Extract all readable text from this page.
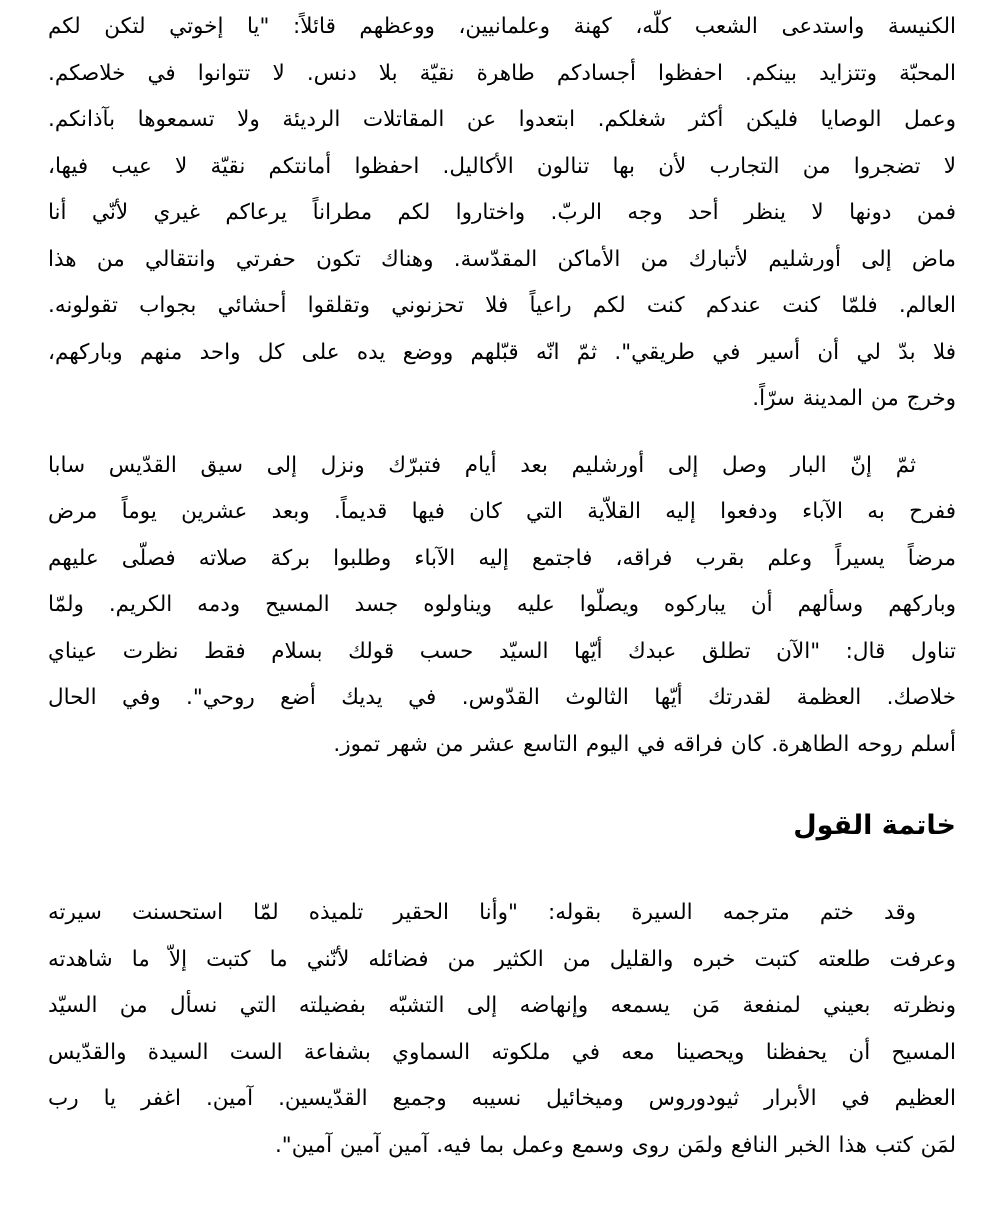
الكنيسة واستدعى الشعب كلّه، كهنة وعلمانيين، ووعظهم قائلاً: "يا إخوتي لتكن لكم
المحبّة وتتزايد بينكم. احفظوا أجسادكم طاهرة نقيّة بلا دنس. لا تتوانوا في خلاصكم.
وعمل الوصايا فليكن أكثر شغلكم. ابتعدوا عن المقاتلات الرديئة ولا تسمعوها بآذانكم.
لا تضجروا من التجارب لأن بها تنالون الأكاليل. احفظوا أمانتكم نقيّة لا عيب فيها،
فمن دونها لا ينظر أحد وجه الربّ. واختاروا لكم مطراناً يرعاكم غيري لأنّي أنا
ماض إلى أورشليم لأتبارك من الأماكن المقدّسة. وهناك تكون حفرتي وانتقالي من هذا
العالم. فلمّا كنت عندكم كنت لكم راعياً فلا تحزنوني وتقلقوا أحشائي بجواب تقولونه.
فلا بدّ لي أن أسير في طريقي". ثمّ انّه قبّلهم ووضع يده على كل واحد منهم وباركهم،
وخرج من المدينة سرّاً.

ثمّ إنّ البار وصل إلى أورشليم بعد أيام فتبرّك ونزل إلى سيق القدّيس سابا
ففرح به الآباء ودفعوا إليه القلاّية التي كان فيها قديماً. وبعد عشرين يوماً مرض
مرضاً يسيراً وعلم بقرب فراقه، فاجتمع إليه الآباء وطلبوا بركة صلاته فصلّى عليهم
وباركهم وسألهم أن يباركوه ويصلّوا عليه ويناولوه جسد المسيح ودمه الكريم. ولمّا
تناول قال: "الآن تطلق عبدك أيّها السيّد حسب قولك بسلام فقط نظرت عيناي
خلاصك. العظمة لقدرتك أيّها الثالوث القدّوس. في يديك أضع روحي". وفي الحال
أسلم روحه الطاهرة. كان فراقه في اليوم التاسع عشر من شهر تموز.

خاتمة القول

وقد ختم مترجمه السيرة بقوله: "وأنا الحقير تلميذه لمّا استحسنت سيرته
وعرفت طلعته كتبت خبره والقليل من الكثير من فضائله لأنّني ما كتبت إلاّ ما شاهدته
ونظرته بعيني لمنفعة مَن يسمعه وإنهاضه إلى التشبّه بفضيلته التي نسأل من السيّد
المسيح أن يحفظنا ويحصينا معه في ملكوته السماوي بشفاعة الست السيدة والقدّيس
العظيم في الأبرار ثيودوروس وميخائيل نسيبه وجميع القدّيسين. آمين. اغفر يا رب
لمَن كتب هذا الخبر النافع ولمَن روى وسمع وعمل بما فيه. آمين آمين آمين".
